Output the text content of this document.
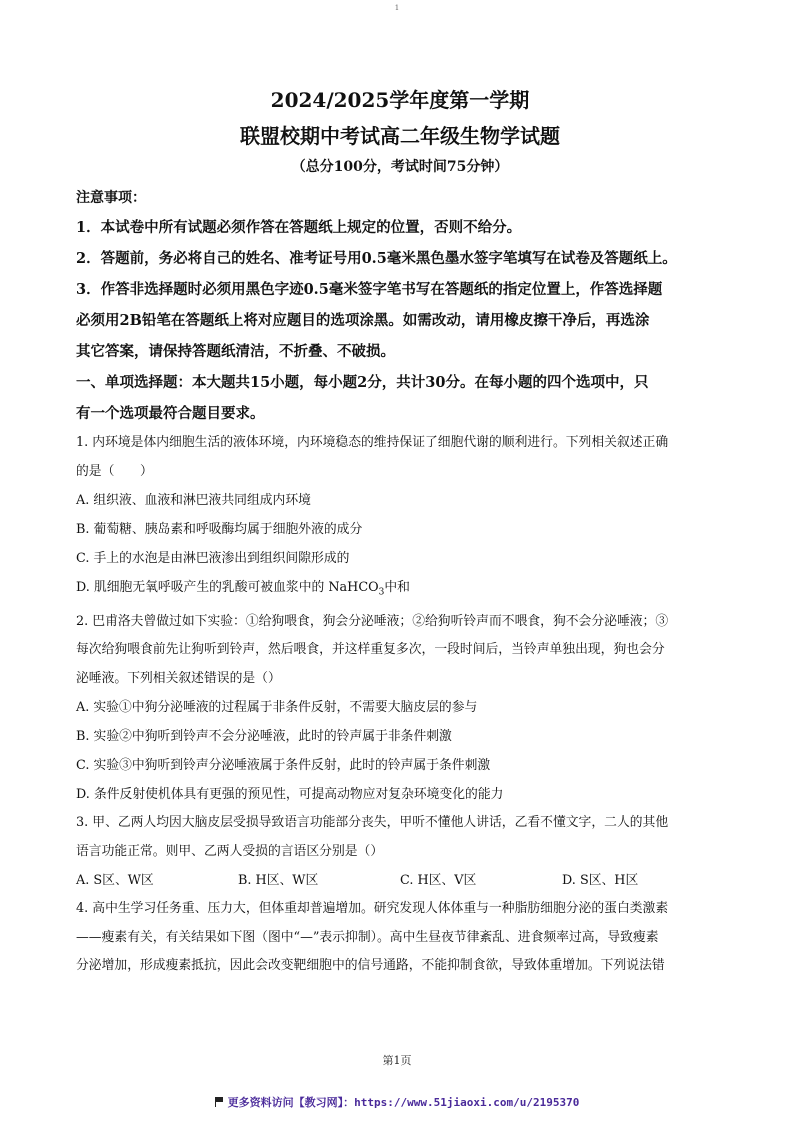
1

2024/2025学年度第一学期

联盟校期中考试高二年级生物学试题

（总分100分，考试时间75分钟）

注意事项：

1．本试卷中所有试题必须作答在答题纸上规定的位置，否则不给分。

2．答题前，务必将自己的姓名、准考证号用0.5毫米黑色墨水签字笔填写在试卷及答题纸上。

3．作答非选择题时必须用黑色字迹0.5毫米签字笔书写在答题纸的指定位置上，作答选择题

必须用2B铅笔在答题纸上将对应题目的选项涂黑。如需改动，请用橡皮擦干净后，再选涂

其它答案，请保持答题纸清洁，不折叠、不破损。

一、单项选择题：本大题共15小题，每小题2分，共计30分。在每小题的四个选项中，只

有一个选项最符合题目要求。

1. 内环境是体内细胞生活的液体环境，内环境稳态的维持保证了细胞代谢的顺利进行。下列相关叙述正确

的是（　　）

A. 组织液、血液和淋巴液共同组成内环境

B. 葡萄糖、胰岛素和呼吸酶均属于细胞外液的成分

C. 手上的水泡是由淋巴液渗出到组织间隙形成的

D. 肌细胞无氧呼吸产生的乳酸可被血浆中的 NaHCO$_3$中和

2. 巴甫洛夫曾做过如下实验：①给狗喂食，狗会分泌唾液；②给狗听铃声而不喂食，狗不会分泌唾液；③

每次给狗喂食前先让狗听到铃声，然后喂食，并这样重复多次，一段时间后，当铃声单独出现，狗也会分

泌唾液。下列相关叙述错误的是（）

A. 实验①中狗分泌唾液的过程属于非条件反射，不需要大脑皮层的参与

B. 实验②中狗听到铃声不会分泌唾液，此时的铃声属于非条件刺激

C. 实验③中狗听到铃声分泌唾液属于条件反射，此时的铃声属于条件刺激

D. 条件反射使机体具有更强的预见性，可提高动物应对复杂环境变化的能力

3. 甲、乙两人均因大脑皮层受损导致语言功能部分丧失，甲听不懂他人讲话，乙看不懂文字，二人的其他

语言功能正常。则甲、乙两人受损的言语区分别是（）

A. S区、W区	B. H区、W区	C. H区、V区	D. S区、H区

4. 高中生学习任务重、压力大，但体重却普遍增加。研究发现人体体重与一种脂肪细胞分泌的蛋白类激素

——瘦素有关，有关结果如下图（图中“—”表示抑制）。高中生昼夜节律紊乱、进食频率过高，导致瘦素

分泌增加，形成瘦素抵抗，因此会改变靶细胞中的信号通路，不能抑制食欲，导致体重增加。下列说法错

第1页
更多资料访问【教习网】：https://www.51jiaoxi.com/u/2195370
